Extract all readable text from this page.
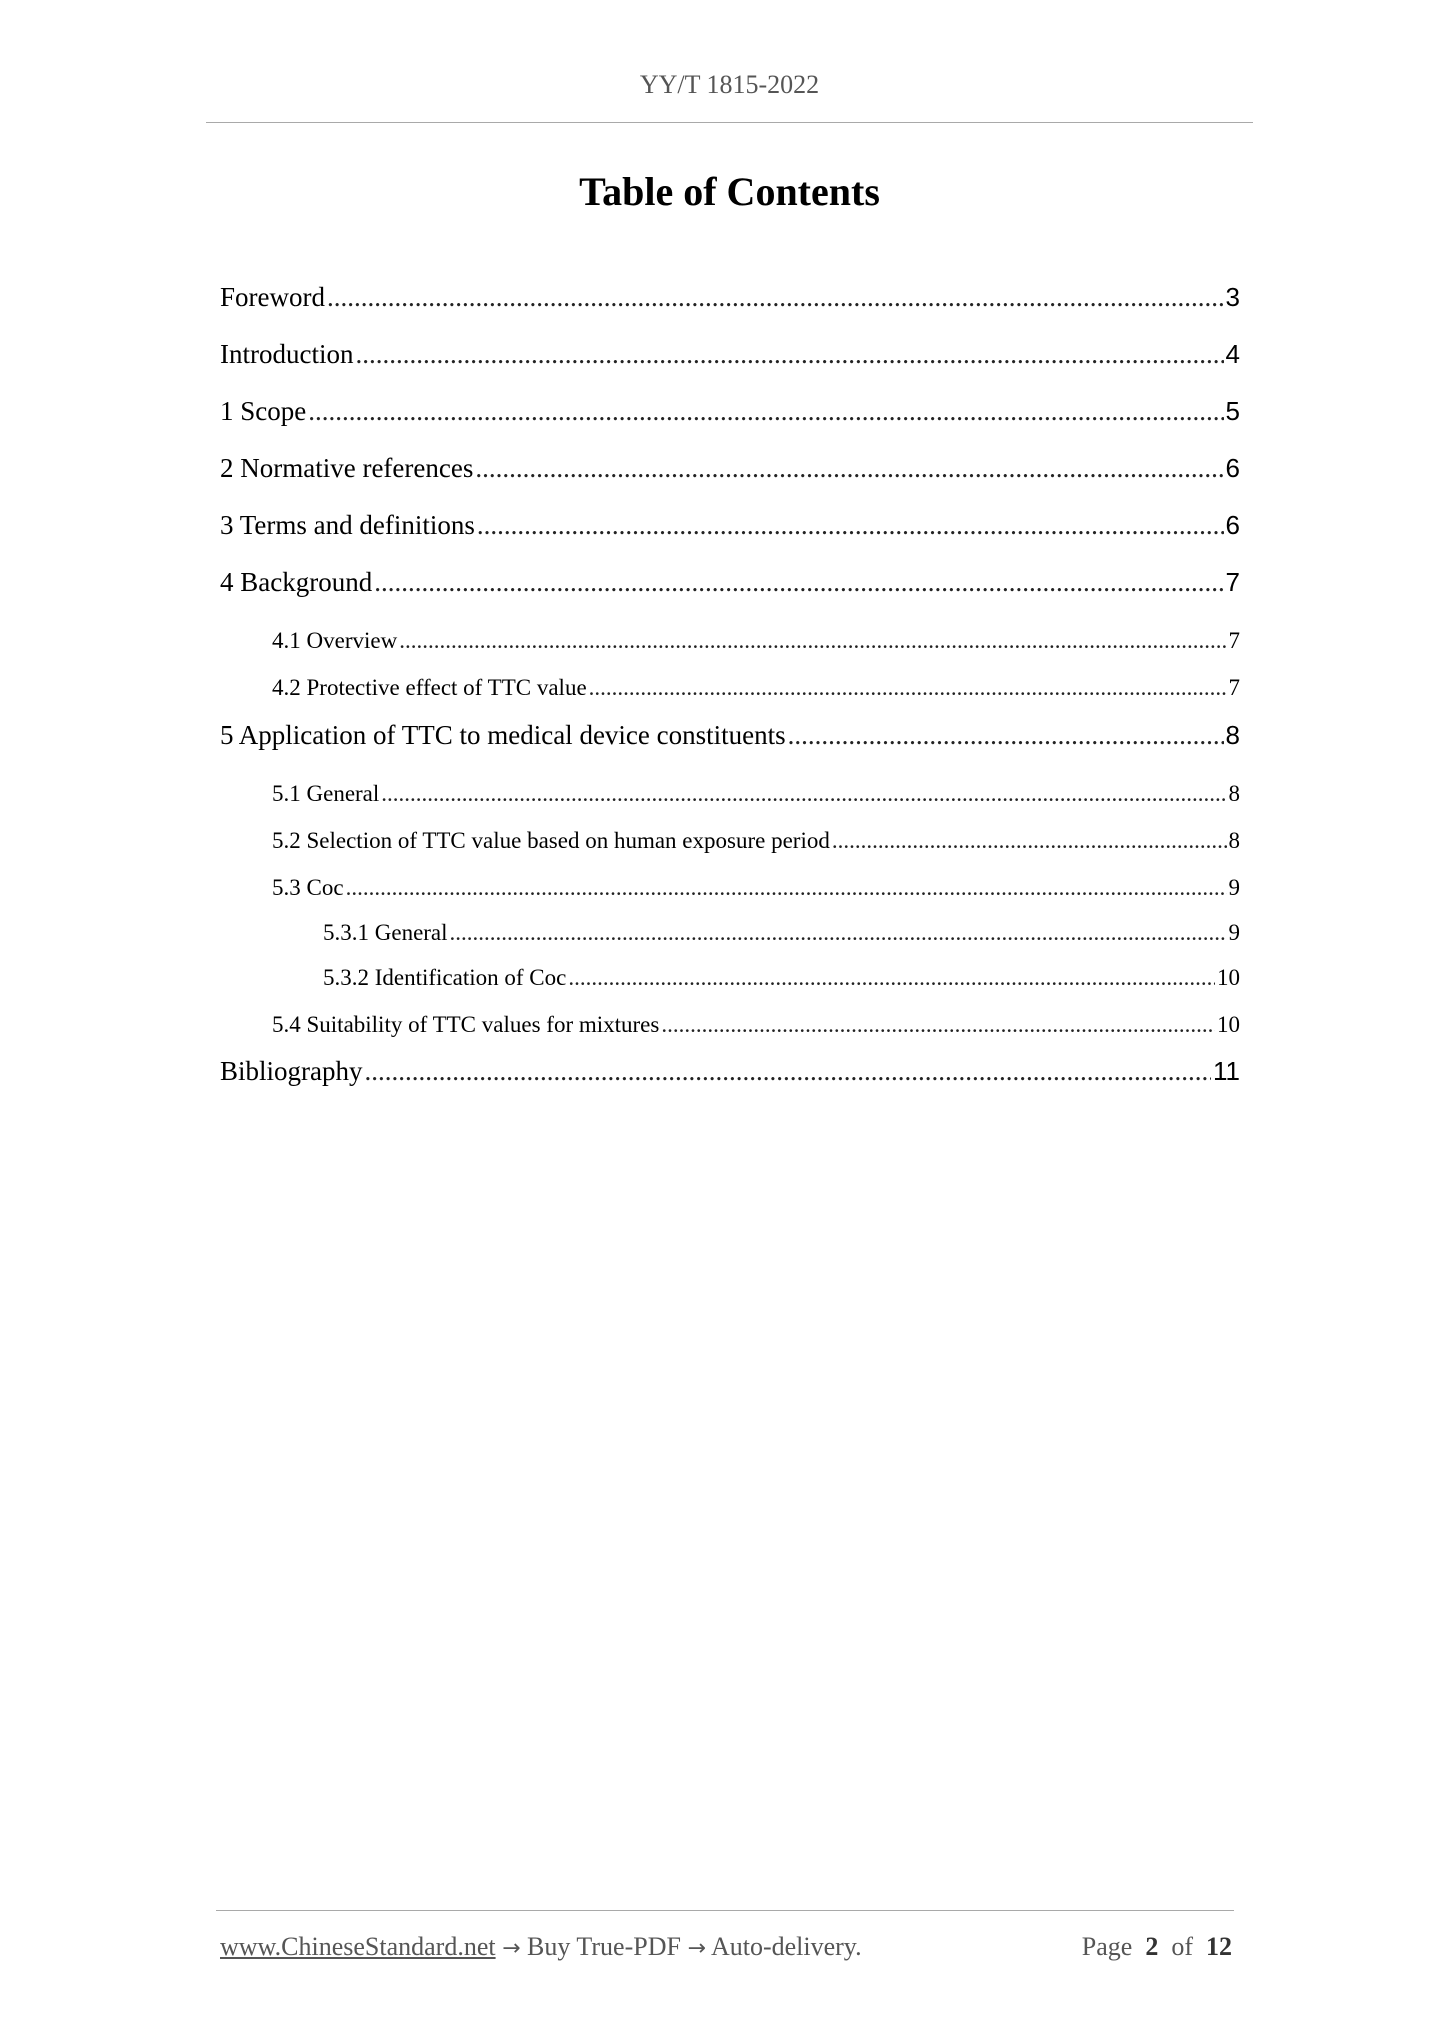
YY/T 1815-2022
Table of Contents
Foreword .....	3
Introduction .....	4
1 Scope .....	5
2 Normative references .....	6
3 Terms and definitions .....	6
4 Background .....	7
4.1 Overview .....	7
4.2 Protective effect of TTC value .....	7
5 Application of TTC to medical device constituents .....	8
5.1 General .....	8
5.2 Selection of TTC value based on human exposure period .....	8
5.3 Coc .....	9
5.3.1 General .....	9
5.3.2 Identification of Coc .....	10
5.4 Suitability of TTC values for mixtures .....	10
Bibliography .....	11
www.ChineseStandard.net → Buy True-PDF → Auto-delivery.	Page 2 of 12
